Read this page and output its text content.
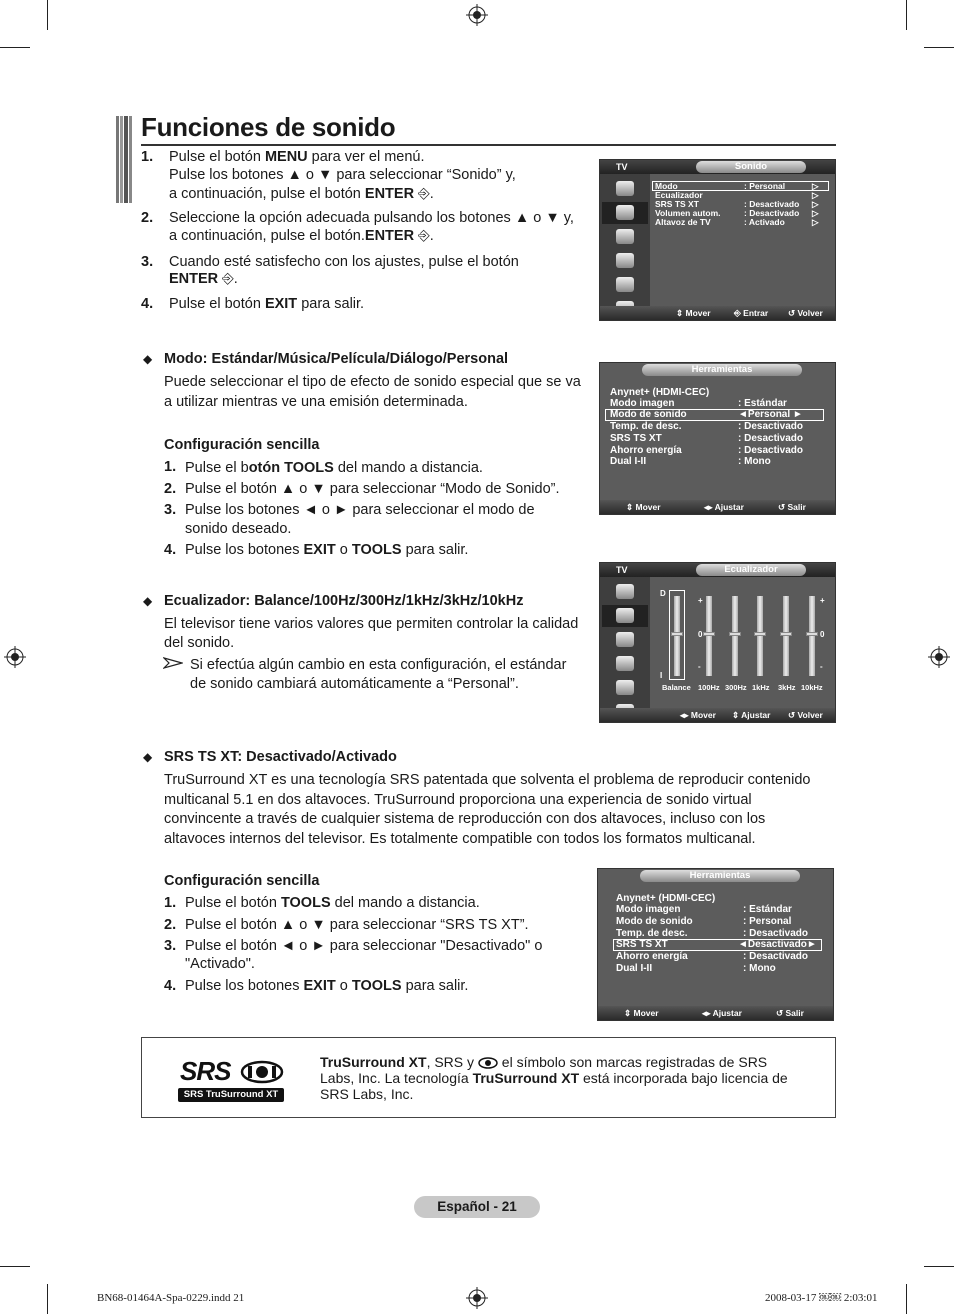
Funciones de sonido
1. Pulse el botón MENU para ver el menú.
Pulse los botones ▲ o ▼ para seleccionar “Sonido” y,
a continuación, pulse el botón ENTER ⎆.
2. Seleccione la opción adecuada pulsando los botones ▲ o ▼ y,
a continuación, pulse el botón.ENTER ⎆.
3. Cuando esté satisfecho con los ajustes, pulse el botón
ENTER ⎆.
4. Pulse el botón EXIT para salir.
◆ Modo: Estándar/Música/Película/Diálogo/Personal
Puede seleccionar el tipo de efecto de sonido especial que se va
a utilizar mientras ve una emisión determinada.
Configuración sencilla
1. Pulse el botón TOOLS del mando a distancia.
2. Pulse el botón ▲ o ▼ para seleccionar “Modo de Sonido”.
3. Pulse los botones ◄ o ► para seleccionar el modo de
sonido deseado.
4. Pulse los botones EXIT o TOOLS para salir.
◆ Ecualizador: Balance/100Hz/300Hz/1kHz/3kHz/10kHz
El televisor tiene varios valores que permiten controlar la calidad
del sonido.
Si efectúa algún cambio en esta configuración, el estándar
de sonido cambiará automáticamente a “Personal”.
◆ SRS TS XT: Desactivado/Activado
TruSurround XT es una tecnología SRS patentada que solventa el problema de reproducir contenido
multicanal 5.1 en dos altavoces. TruSurround proporciona una experiencia de sonido virtual
convincente a través de cualquier sistema de reproducción con dos altavoces, incluso con los
altavoces internos del televisor. Es totalmente compatible con todos los formatos multicanal.
Configuración sencilla
1. Pulse el botón TOOLS del mando a distancia.
2. Pulse el botón ▲ o ▼ para seleccionar “SRS TS XT”.
3. Pulse el botón ◄ o ► para seleccionar "Desactivado" o
"Activado".
4. Pulse los botones EXIT o TOOLS para salir.
TV	Sonido
Modo	: Personal
Ecualizador
SRS TS XT	: Desactivado
Volumen autom.	: Desactivado
Altavoz de TV	: Activado
▷
▷
▷
▷
▷
⇕ Mover	⎆ Entrar ↺ Volver
Herramientas
Anynet+ (HDMI-CEC)
Modo imagen	: Estándar
Modo de sonido	◄Personal ►
Temp. de desc.	: Desactivado
SRS TS XT	: Desactivado
Ahorro energía	: Desactivado
Dual I-II	: Mono
⇕ Mover	◂▸ Ajustar	↺ Salir
TV	Ecualizador
◂▸ Mover ⇕ Ajustar ↺ Volver
D
I
+
0
-
+
0
-
Balance 100Hz 300Hz 1kHz 3kHz 10kHz
Herramientas
Anynet+ (HDMI-CEC)
Modo imagen	: Estándar
Modo de sonido	: Personal
Temp. de desc.	: Desactivado
SRS TS XT	◄Desactivado►
Ahorro energía	: Desactivado
Dual I-II	: Mono
⇕ Mover	◂▸ Ajustar	↺ Salir
SRS
SRS TruSurround XT
TruSurround XT, SRS y  el símbolo son marcas registradas de SRS
Labs, Inc. La tecnología TruSurround XT está incorporada bajo licencia de
SRS Labs, Inc.
Español - 21
BN68-01464A-Spa-0229.indd 21	2008-03-17 ￼￼ 2:03:01
